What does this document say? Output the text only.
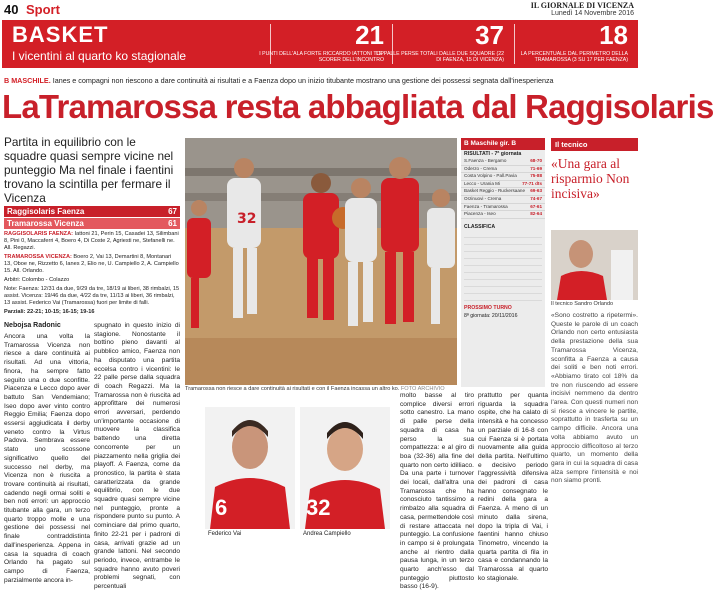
40 Sport	IL GIORNALE DI VICENZA
Lunedì 14 Novembre 2016
BASKET
I vicentini al quarto ko stagionale
21
I PUNTI DELL'ALA FORTE RICCARDO IATTONI TOP SCORER DELL'INCONTRO
37
LE PALLE PERSE TOTALI DALLE DUE SQUADRE (22 DI FAENZA, 15 DI VICENZA)
18
LA PERCENTUALE DAL PERIMETRO DELLA TRAMAROSSA (3 SU 17 PER FAENZA)
B MASCHILE. Ianes e compagni non riescono a dare continuità ai risultati e a Faenza dopo un inizio titubante mostrano una gestione dei possessi segnata dall'inesperienza
LaTramarossa resta abbagliata dal Raggisolaris
Partita in equilibrio con le squadre quasi sempre vicine nel punteggio Ma nel finale i faentini trovano la scintilla per fermare il Vicenza
Raggisolaris Faenza	67
Tramarossa Vicenza	61
RAGGISOLARIS FAENZA: Iattoni 21, Perin 15, Casadei 13, Silimbani 8, Pini 0, Maccaferri 4, Boero 4, Di Coste 2, Agriesti ne, Stefanelli ne. All. Regazzi.
TRAMAROSSA VICENZA: Boero 2, Vai 13, Demartini 8, Montanari 13, Oboe ne, Rizzetto 6, Ianes 2, Elio ne, U. Campiello 2, A. Campiello 15. All. Orlando.
Arbitri: Colombo - Colazzo
Note: Faenza: 12/31 da due, 9/29 da tre, 18/19 ai liberi, 38 rimbalzi, 15 assist. Vicenza: 19/46 da due, 4/22 da tre, 11/13 ai liberi, 36 rimbalzi, 13 assist. Federico Vai (Tramarossa) fuori per limite di falli.
Parziali: 22-21; 10-15; 16-15; 19-16
Nebojsa Radonic
Ancora una volta la Tramarossa Vicenza non riesce a dare continuità ai risultati. Ad una vittoria, finora, ha sempre fatto seguito una o due sconfitte. Piacenza e Lecco dopo aver battuto San Vendemiano; Iseo dopo aver vinto contro Reggio Emilia; Faenza dopo essersi aggiudicata il derby veneto contro la Virtus Padova. Sembrava essere stato uno scossone significativo quello del successo nel derby, ma Vicenza non è riuscita a trovare continuità ai risultati, cadendo negli ormai soliti e ben noti errori: un approccio titubante alla gara, un terzo quarto troppo molle e una gestione dei possessi nel finale contraddistinta dall'inesperienza. Appena in casa la squadra di coach Orlando ha pagato sul campo di Faenza, parzialmente ancora in-
spugnato in questo inizio di stagione. Nonostante il bottino pieno davanti al pubblico amico, Faenza non ha disputato una partita eccelsa contro i vicentini: le 22 palle perse dalla squadra di coach Regazzi. Ma la Tramarossa non è riuscita ad approfittare dei numerosi errori avversari, perdendo un'importante occasione di muovere la classifica battendo una diretta concorrente per un piazzamento nella griglia dei playoff. A Faenza, come da pronostico, la partita è stata caratterizzata da grande equilibrio, con le due squadre quasi sempre vicine nel punteggio, pronte a rispondere punto su punto. A cominciare dal primo quarto, finito 22-21 per i padroni di casa, arrivati grazie ad un grande Iattoni. Nel secondo periodo, invece, entrambe le squadre hanno avuto poveri problemi segnati, con percentuali
32
Tramarossa non riesce a dare continuità ai risultati e con il Faenza incassa un altro ko. FOTO ARCHIVIO
6
Federico Vai
32
Andrea Campiello
molto basse al tiro complice diversi errori sotto canestro. La mano di palle perse della squadra di casa ha perso la sua compattezza: e al giro di boa (32-36) alla fine del quarto non certo idilliaco. Da una parte i turnover dei locali, dall'altra una Tramarossa che ha conosciuto tantissimo a rimbalzo alla squadra di casa, permettendole così di restare attaccata nel punteggio. La confusione in campo si è prolungata anche al rientro dalla pausa lunga, in un terzo quarto anch'esso dal punteggio piuttosto basso (16-9).
prattutto per quanta riguarda la squadra ospite, che ha calato di intensità e ha concesso un parziale di 16-8 con cui Faenza si è portata nuovamente alla guida della partita. Nell'ultimo e decisivo periodo l'aggressività difensiva dei padroni di casa hanno consegnato le redini della gara a Faenza. A meno di un minuto dalla sirena, dopo la tripla di Vai, i faentini hanno chiuso Tinometro, vincendo la quarta partita di fila in casa e condannando la Tramarossa al quarto ko stagionale.
B Maschile gir. B
RISULTATI - 7ª giornata
S.Faenza - Bergamo	68-70
Oderzo - Crema	71-69
Costa Volpino - Pall.Pavia	75-88
Lecco - Urania Mi	77-71 dts
Basket Reggio - Ruckersaane 69-63
Orzinuovi - Crema	74-67
Faenza - Tramarossa	67-61
Piacenza - Iseo	82-64
CLASSIFICA
PROSSIMO TURNO
8ª giornata: 20/11/2016
Il tecnico
«Una gara al risparmio Non incisiva»
Il tecnico Sandro Orlando
«Sono costretto a ripetermi». Queste le parole di un coach Orlando non certo entusiasta della prestazione della sua Tramarossa Vicenza, sconfitta a Faenza a causa dei soliti e ben noti errori. «Abbiamo tirato col 18% da tre non riuscendo ad essere incisivi nemmeno da dentro l'area. Con questi numeri non si riesce a vincere le partite, soprattutto in trasferta su un campo difficile. Ancora una volta abbiamo avuto un approccio difficoltoso al terzo quarto, un momento della gara in cui la squadra di casa alza sempre l'intensità e noi non siamo pronti.
